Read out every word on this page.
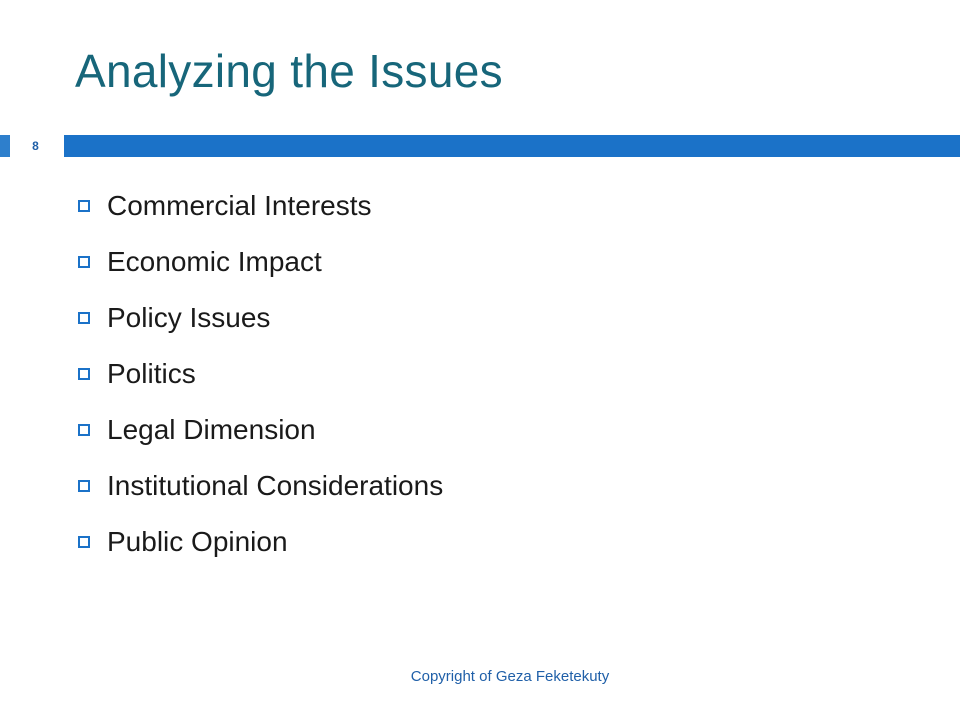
Analyzing the Issues
8
Commercial Interests
Economic Impact
Policy Issues
Politics
Legal Dimension
Institutional Considerations
Public Opinion
Copyright of Geza Feketekuty
